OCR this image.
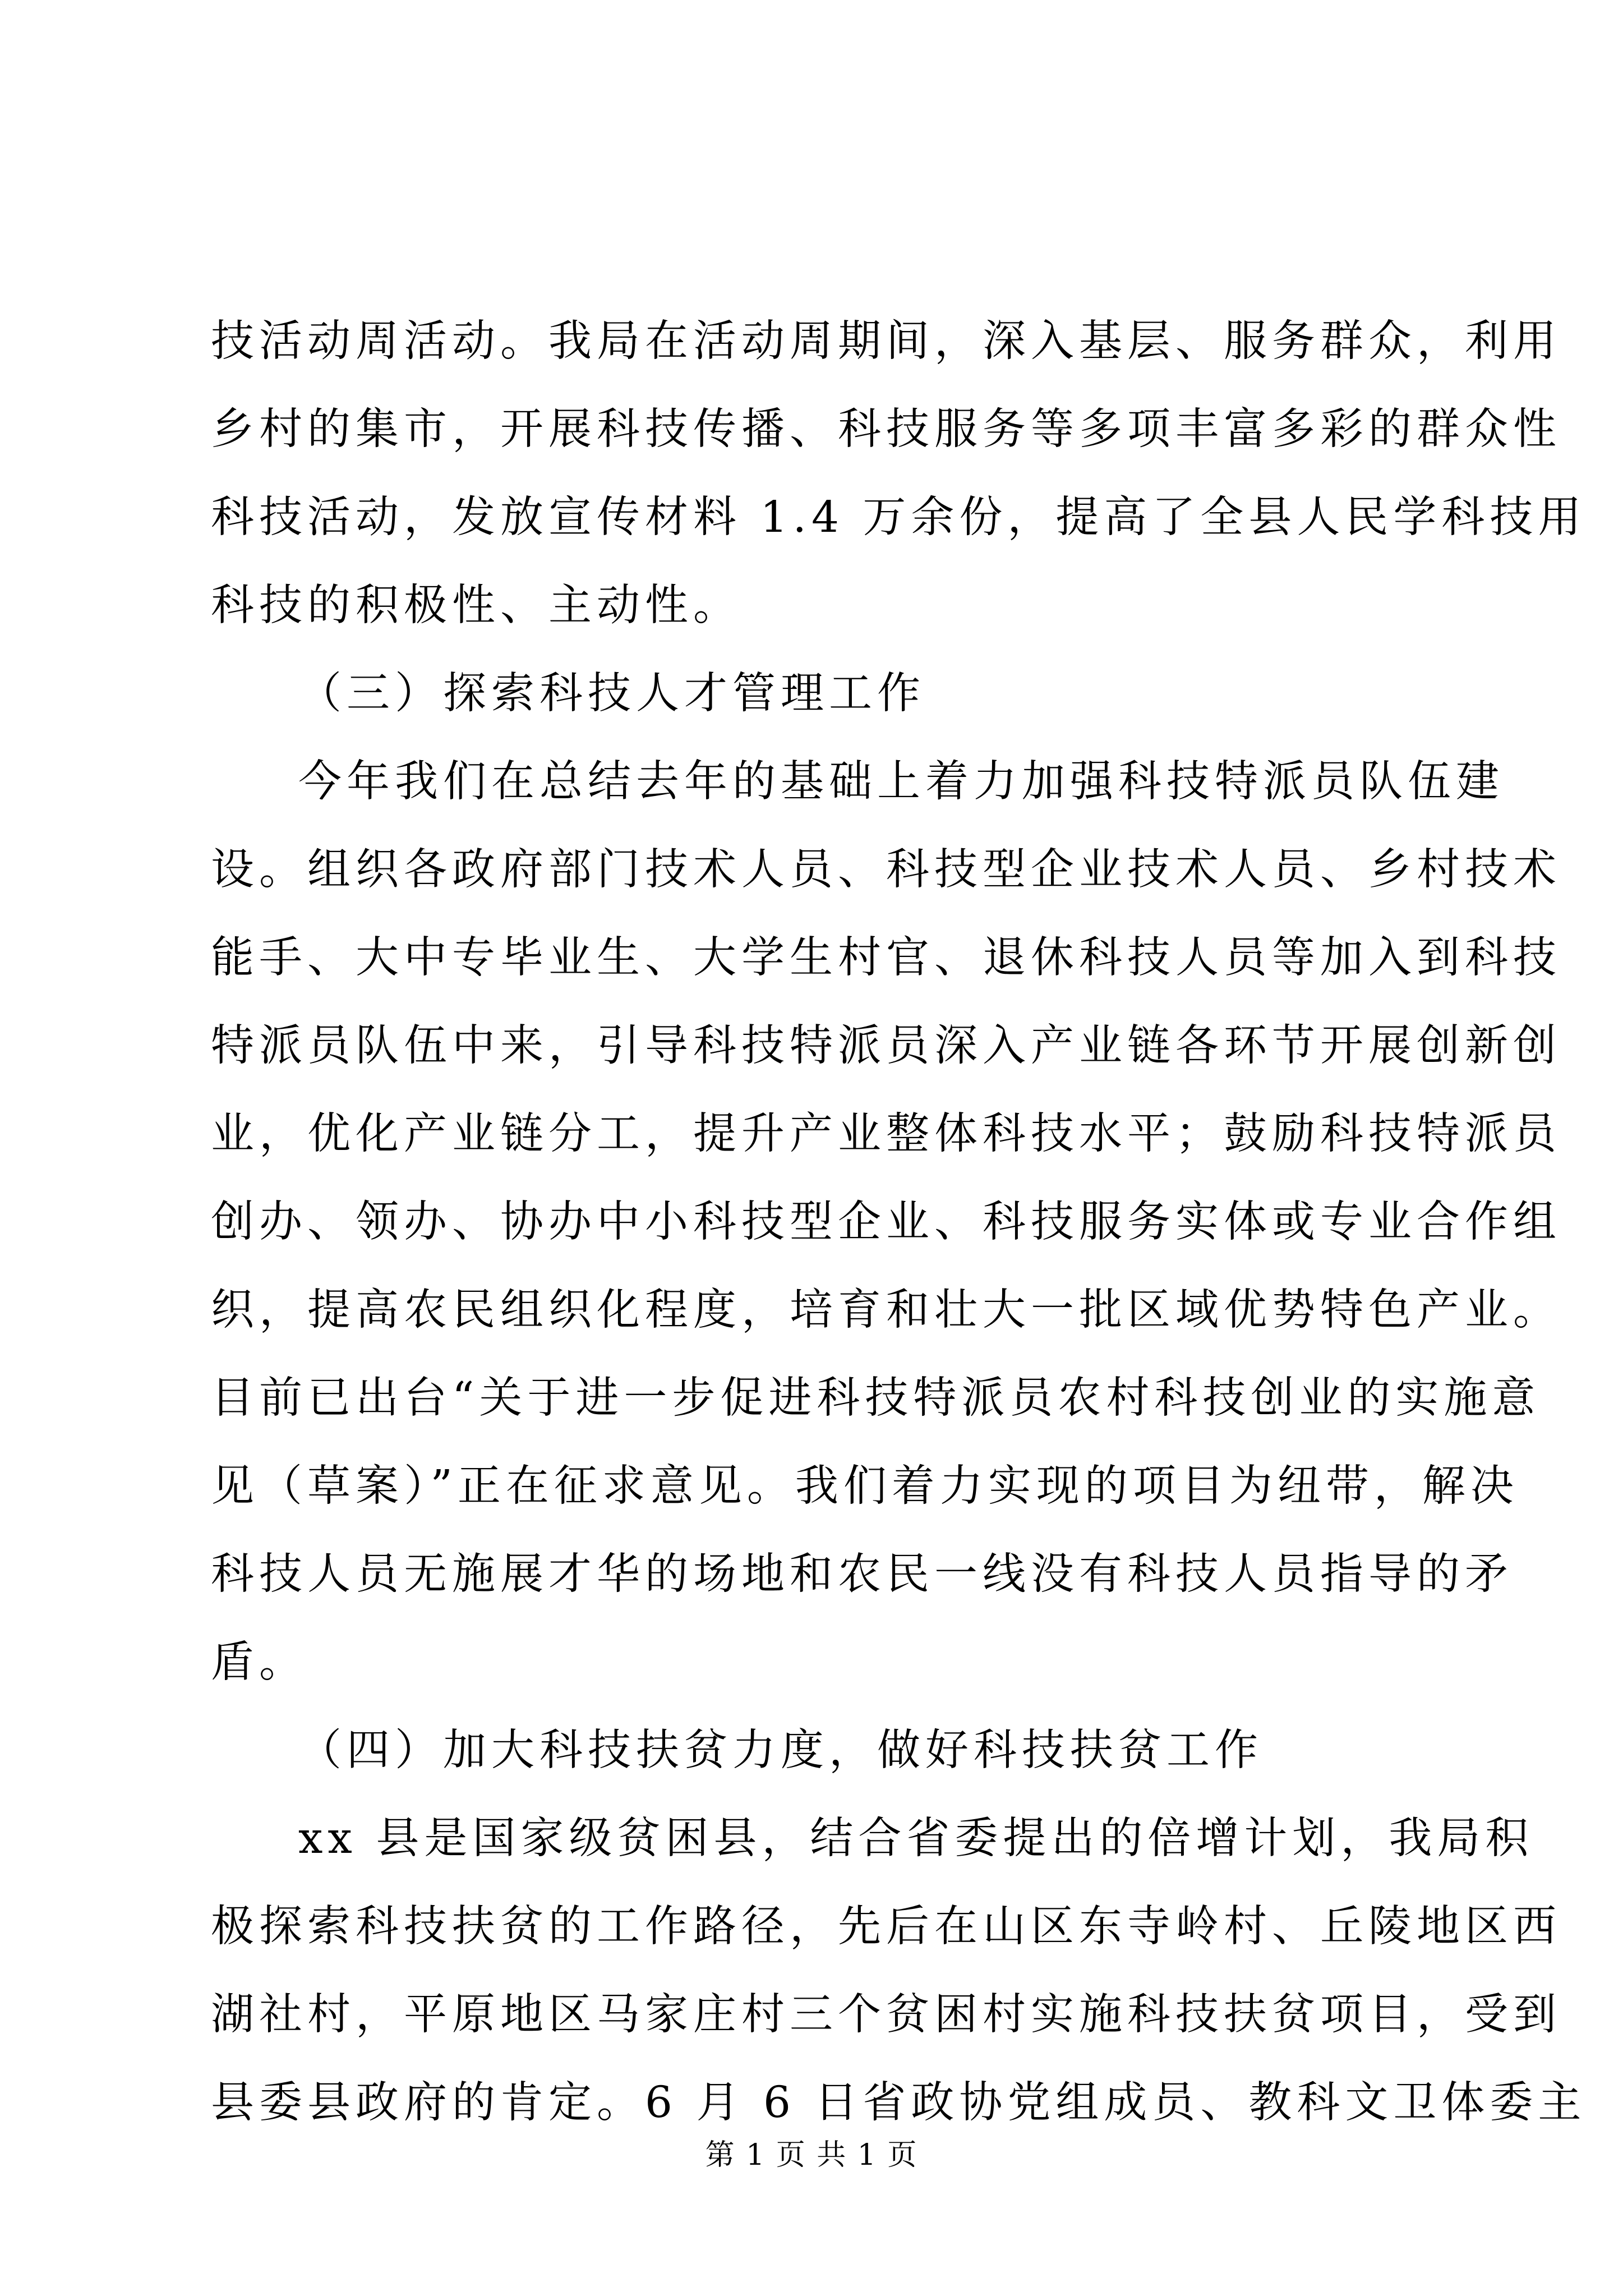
技活动周活动。我局在活动周期间，深入基层、服务群众，利用
乡村的集市，开展科技传播、科技服务等多项丰富多彩的群众性
科技活动，发放宣传材料 1.4 万余份，提高了全县人民学科技用
科技的积极性、主动性。
（三）探索科技人才管理工作
今年我们在总结去年的基础上着力加强科技特派员队伍建
设。组织各政府部门技术人员、科技型企业技术人员、乡村技术
能手、大中专毕业生、大学生村官、退休科技人员等加入到科技
特派员队伍中来，引导科技特派员深入产业链各环节开展创新创
业，优化产业链分工，提升产业整体科技水平；鼓励科技特派员
创办、领办、协办中小科技型企业、科技服务实体或专业合作组
织，提高农民组织化程度，培育和壮大一批区域优势特色产业。
目前已出台“关于进一步促进科技特派员农村科技创业的实施意
见（草案）”正在征求意见。我们着力实现的项目为纽带，解决
科技人员无施展才华的场地和农民一线没有科技人员指导的矛
盾。
（四）加大科技扶贫力度，做好科技扶贫工作
xx 县是国家级贫困县，结合省委提出的倍增计划，我局积
极探索科技扶贫的工作路径，先后在山区东寺岭村、丘陵地区西
湖社村，平原地区马家庄村三个贫困村实施科技扶贫项目，受到
县委县政府的肯定。6 月 6 日省政协党组成员、教科文卫体委主
第 1 页 共 1 页
